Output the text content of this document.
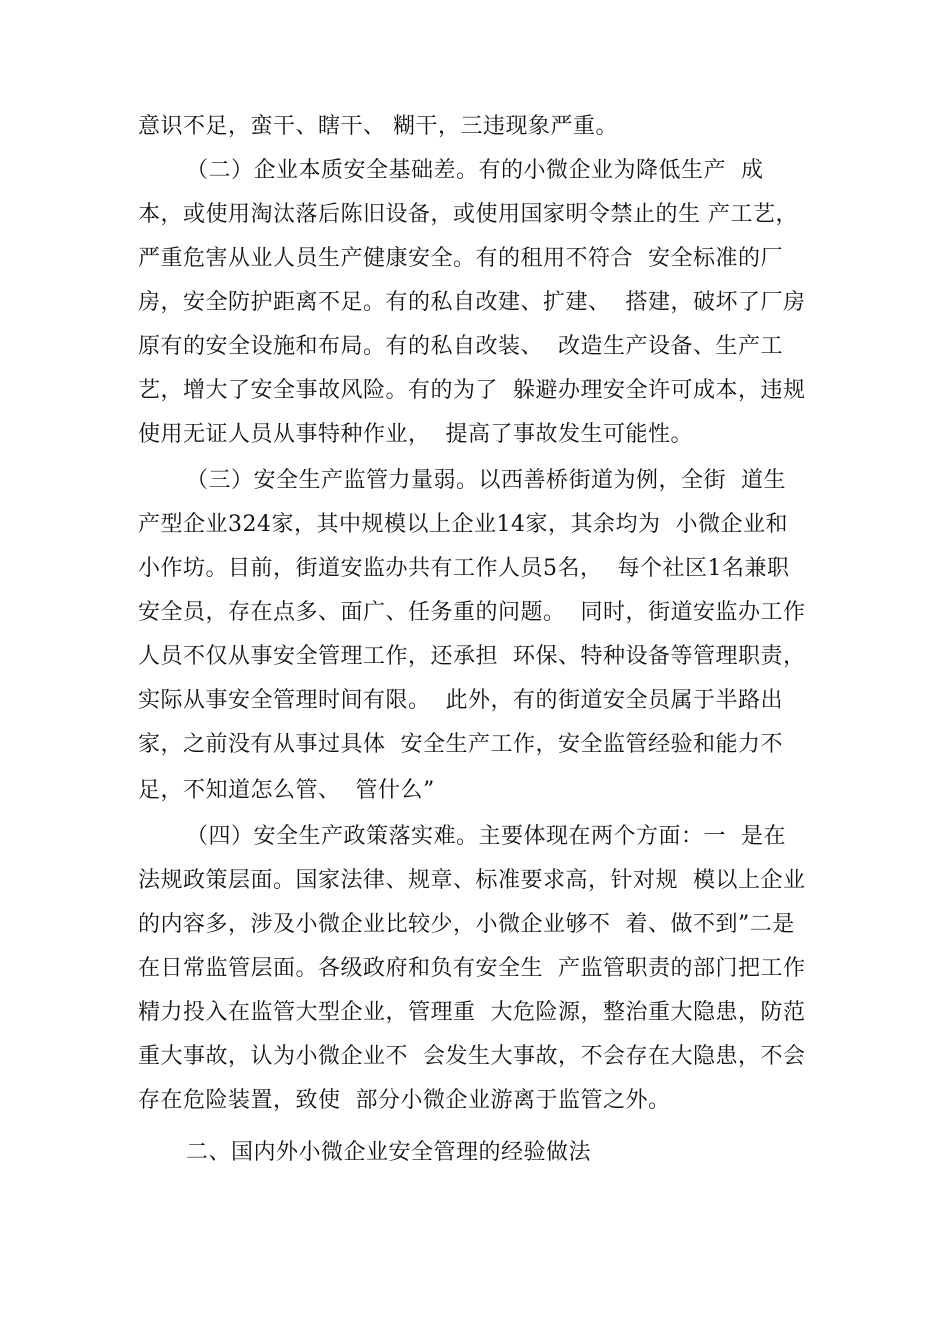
意识不足，蛮干、瞎干、 糊干，三违现象严重。
（二）企业本质安全基础差。有的小微企业为降低生产  成
本，或使用淘汰落后陈旧设备，或使用国家明令禁止的生 产工艺，
严重危害从业人员生产健康安全。有的租用不符合  安全标准的厂
房，安全防护距离不足。有的私自改建、扩建、  搭建，破坏了厂房
原有的安全设施和布局。有的私自改装、  改造生产设备、生产工
艺，增大了安全事故风险。有的为了  躲避办理安全许可成本，违规
使用无证人员从事特种作业，  提高了事故发生可能性。
（三）安全生产监管力量弱。以西善桥街道为例，全街  道生
产型企业324家，其中规模以上企业14家，其余均为  小微企业和
小作坊。目前，街道安监办共有工作人员5名，  每个社区1名兼职
安全员，存在点多、面广、任务重的问题。  同时，街道安监办工作
人员不仅从事安全管理工作，还承担  环保、特种设备等管理职责，
实际从事安全管理时间有限。  此外，有的街道安全员属于半路出
家，之前没有从事过具体  安全生产工作，安全监管经验和能力不
足，不知道怎么管、  管什么”
（四）安全生产政策落实难。主要体现在两个方面：一  是在
法规政策层面。国家法律、规章、标准要求高，针对规  模以上企业
的内容多，涉及小微企业比较少，小微企业够不  着、做不到”二是
在日常监管层面。各级政府和负有安全生  产监管职责的部门把工作
精力投入在监管大型企业，管理重  大危险源，整治重大隐患，防范
重大事故，认为小微企业不  会发生大事故，不会存在大隐患，不会
存在危险装置，致使  部分小微企业游离于监管之外。
二、国内外小微企业安全管理的经验做法
